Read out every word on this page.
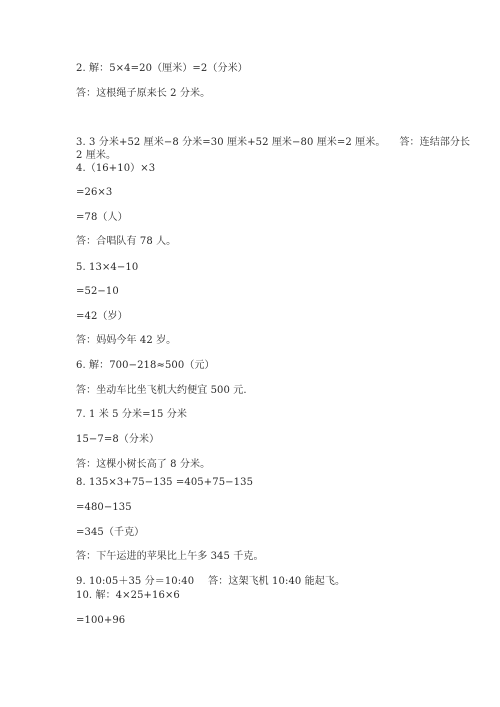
2. 解：5×4=20（厘米）=2（分米）
答：这根绳子原来长 2 分米。
3. 3 分米+52 厘米−8 分米=30 厘米+52 厘米−80 厘米=2 厘米。 答：连结部分长
2 厘米。
4.（16+10）×3
=26×3
=78（人）
答：合唱队有 78 人。
5. 13×4−10
=52−10
=42（岁）
答：妈妈今年 42 岁。
6. 解：700−218≈500（元）
答：坐动车比坐飞机大约便宜 500 元.
7. 1 米 5 分米=15 分米
15−7=8（分米）
答：这棵小树长高了 8 分米。
8. 135×3+75−135 =405+75−135
=480−135
=345（千克）
答：下午运进的苹果比上午多 345 千克。
9. 10:05＋35 分＝10:40 答：这架飞机 10:40 能起飞。
10. 解：4×25+16×6
=100+96
